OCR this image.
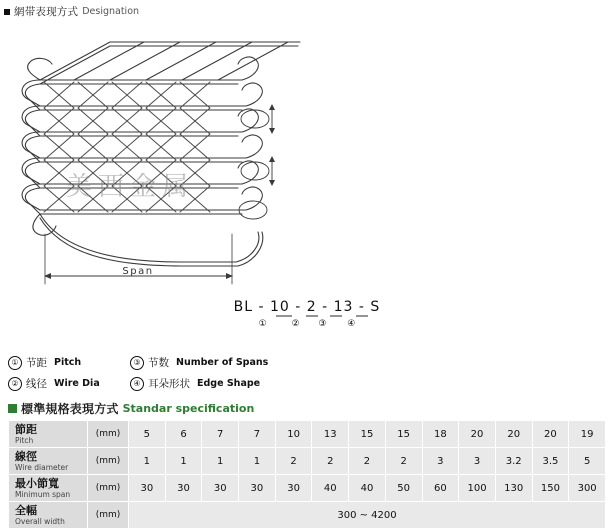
網带表现方式 Designation
Span
美西金属
BL - 10 - 2 - 13 - S
①	② ③ ④
① 节距 Pitch
② 线径 Wire Dia
③ 节数 Number of Spans
④ 耳朵形状 Edge Shape
標準規格表現方式 Standar specification
節距
Pitch	(mm)	5	6	7	7	10	13	15	15	18	20	20	20	19

線徑
Wire diameter	(mm)	1	1	1	1	2	2	2	2	3	3	3.2	3.5	5

最小節寬
Minimum span	(mm)	30	30	30	30	30	40	40	50	60	100	130	150	300

全幅
Overall width	(mm)	300 ~ 4200												
